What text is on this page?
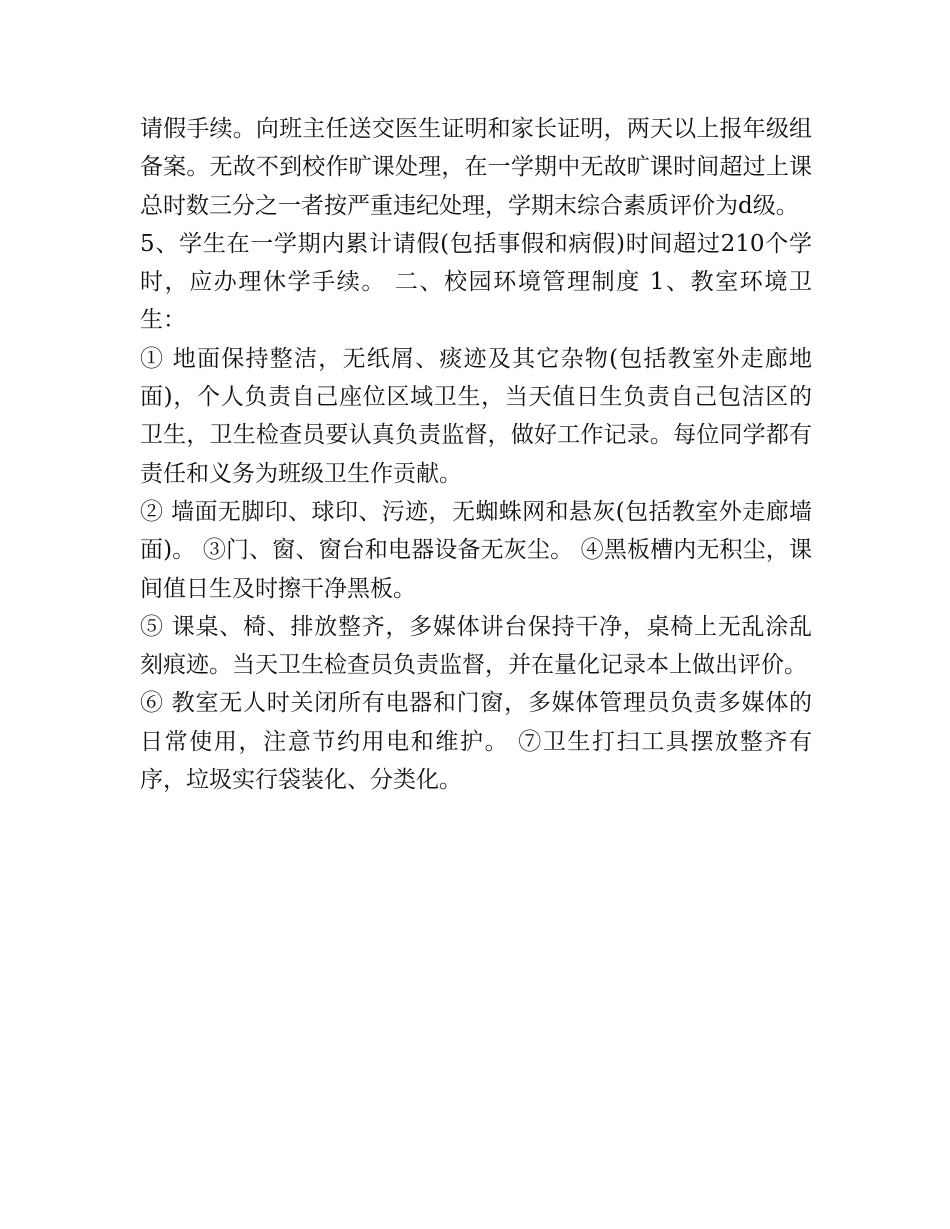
请假手续。向班主任送交医生证明和家长证明，两天以上报年级组备案。无故不到校作旷课处理，在一学期中无故旷课时间超过上课总时数三分之一者按严重违纪处理，学期末综合素质评价为d级。

5、学生在一学期内累计请假(包括事假和病假)时间超过210个学时，应办理休学手续。 二、校园环境管理制度 1、教室环境卫生：

① 地面保持整洁，无纸屑、痰迹及其它杂物(包括教室外走廊地面)，个人负责自己座位区域卫生，当天值日生负责自己包洁区的卫生，卫生检查员要认真负责监督，做好工作记录。每位同学都有责任和义务为班级卫生作贡献。

② 墙面无脚印、球印、污迹，无蜘蛛网和悬灰(包括教室外走廊墙面)。 ③门、窗、窗台和电器设备无灰尘。 ④黑板槽内无积尘，课间值日生及时擦干净黑板。

⑤ 课桌、椅、排放整齐，多媒体讲台保持干净，桌椅上无乱涂乱刻痕迹。当天卫生检查员负责监督，并在量化记录本上做出评价。

⑥ 教室无人时关闭所有电器和门窗，多媒体管理员负责多媒体的日常使用，注意节约用电和维护。 ⑦卫生打扫工具摆放整齐有序，垃圾实行袋装化、分类化。
